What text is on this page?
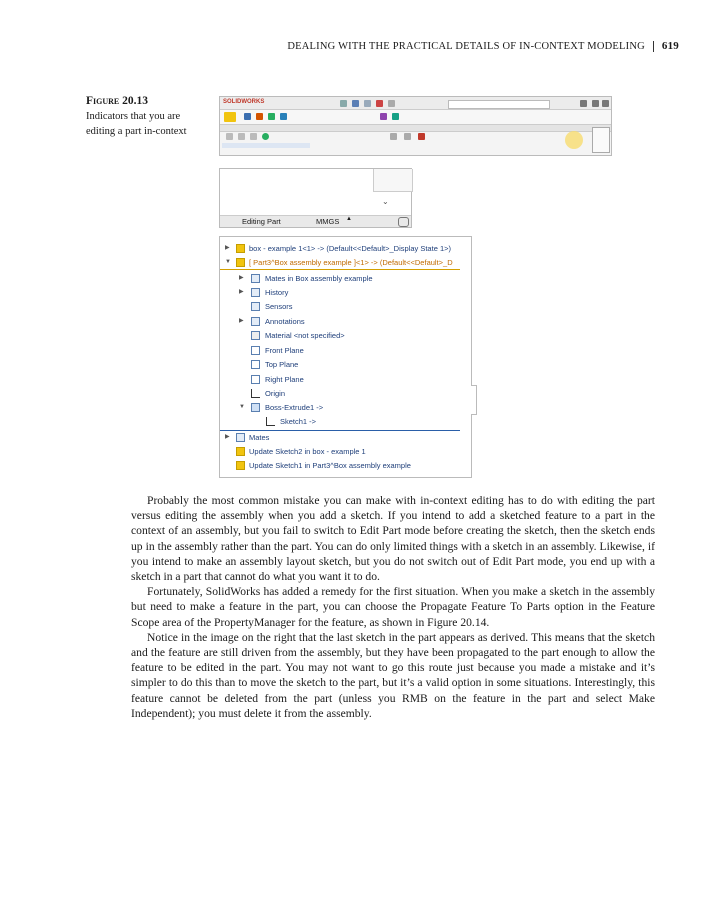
DEALING WITH THE PRACTICAL DETAILS OF IN-CONTEXT MODELING	619
Figure 20.13
Indicators that you are editing a part in-context
SOLIDWORKS
⌄
Editing Part	MMGS ▲
▶	box - example 1<1> -> (Default<<Default>_Display State 1>)
▼ [ Part3^Box assembly example ]<1> -> (Default<<Default>_D
▶	Mates in Box assembly example
▶	History
Sensors
▶	Annotations
Material <not specified>
Front Plane
Top Plane
Right Plane
Origin
▼	Boss-Extrude1 ->
Sketch1 ->
▶	Mates
Update Sketch2 in box - example 1
Update Sketch1 in Part3^Box assembly example

Probably the most common mistake you can make with in-context editing has to do with editing the part versus editing the assembly when you add a sketch. If you intend to add a sketched feature to a part in the context of an assembly, but you fail to switch to Edit Part mode before creating the sketch, then the sketch ends up in the assembly rather than the part. You can do only limited things with a sketch in an assembly. Likewise, if you intend to make an assembly layout sketch, but you do not switch out of Edit Part mode, you end up with a sketch in a part that cannot do what you want it to do.

Fortunately, SolidWorks has added a remedy for the first situation. When you make a sketch in the assembly but need to make a feature in the part, you can choose the Propagate Feature To Parts option in the Feature Scope area of the PropertyManager for the feature, as shown in Figure 20.14.

Notice in the image on the right that the last sketch in the part appears as derived. This means that the sketch and the feature are still driven from the assembly, but they have been propagated to the part enough to allow the feature to be edited in the part. You may not want to go this route just because you made a mistake and it’s simpler to do this than to move the sketch to the part, but it’s a valid option in some situations. Interestingly, this feature cannot be deleted from the part (unless you RMB on the feature in the part and select Make Independent); you must delete it from the assembly.
